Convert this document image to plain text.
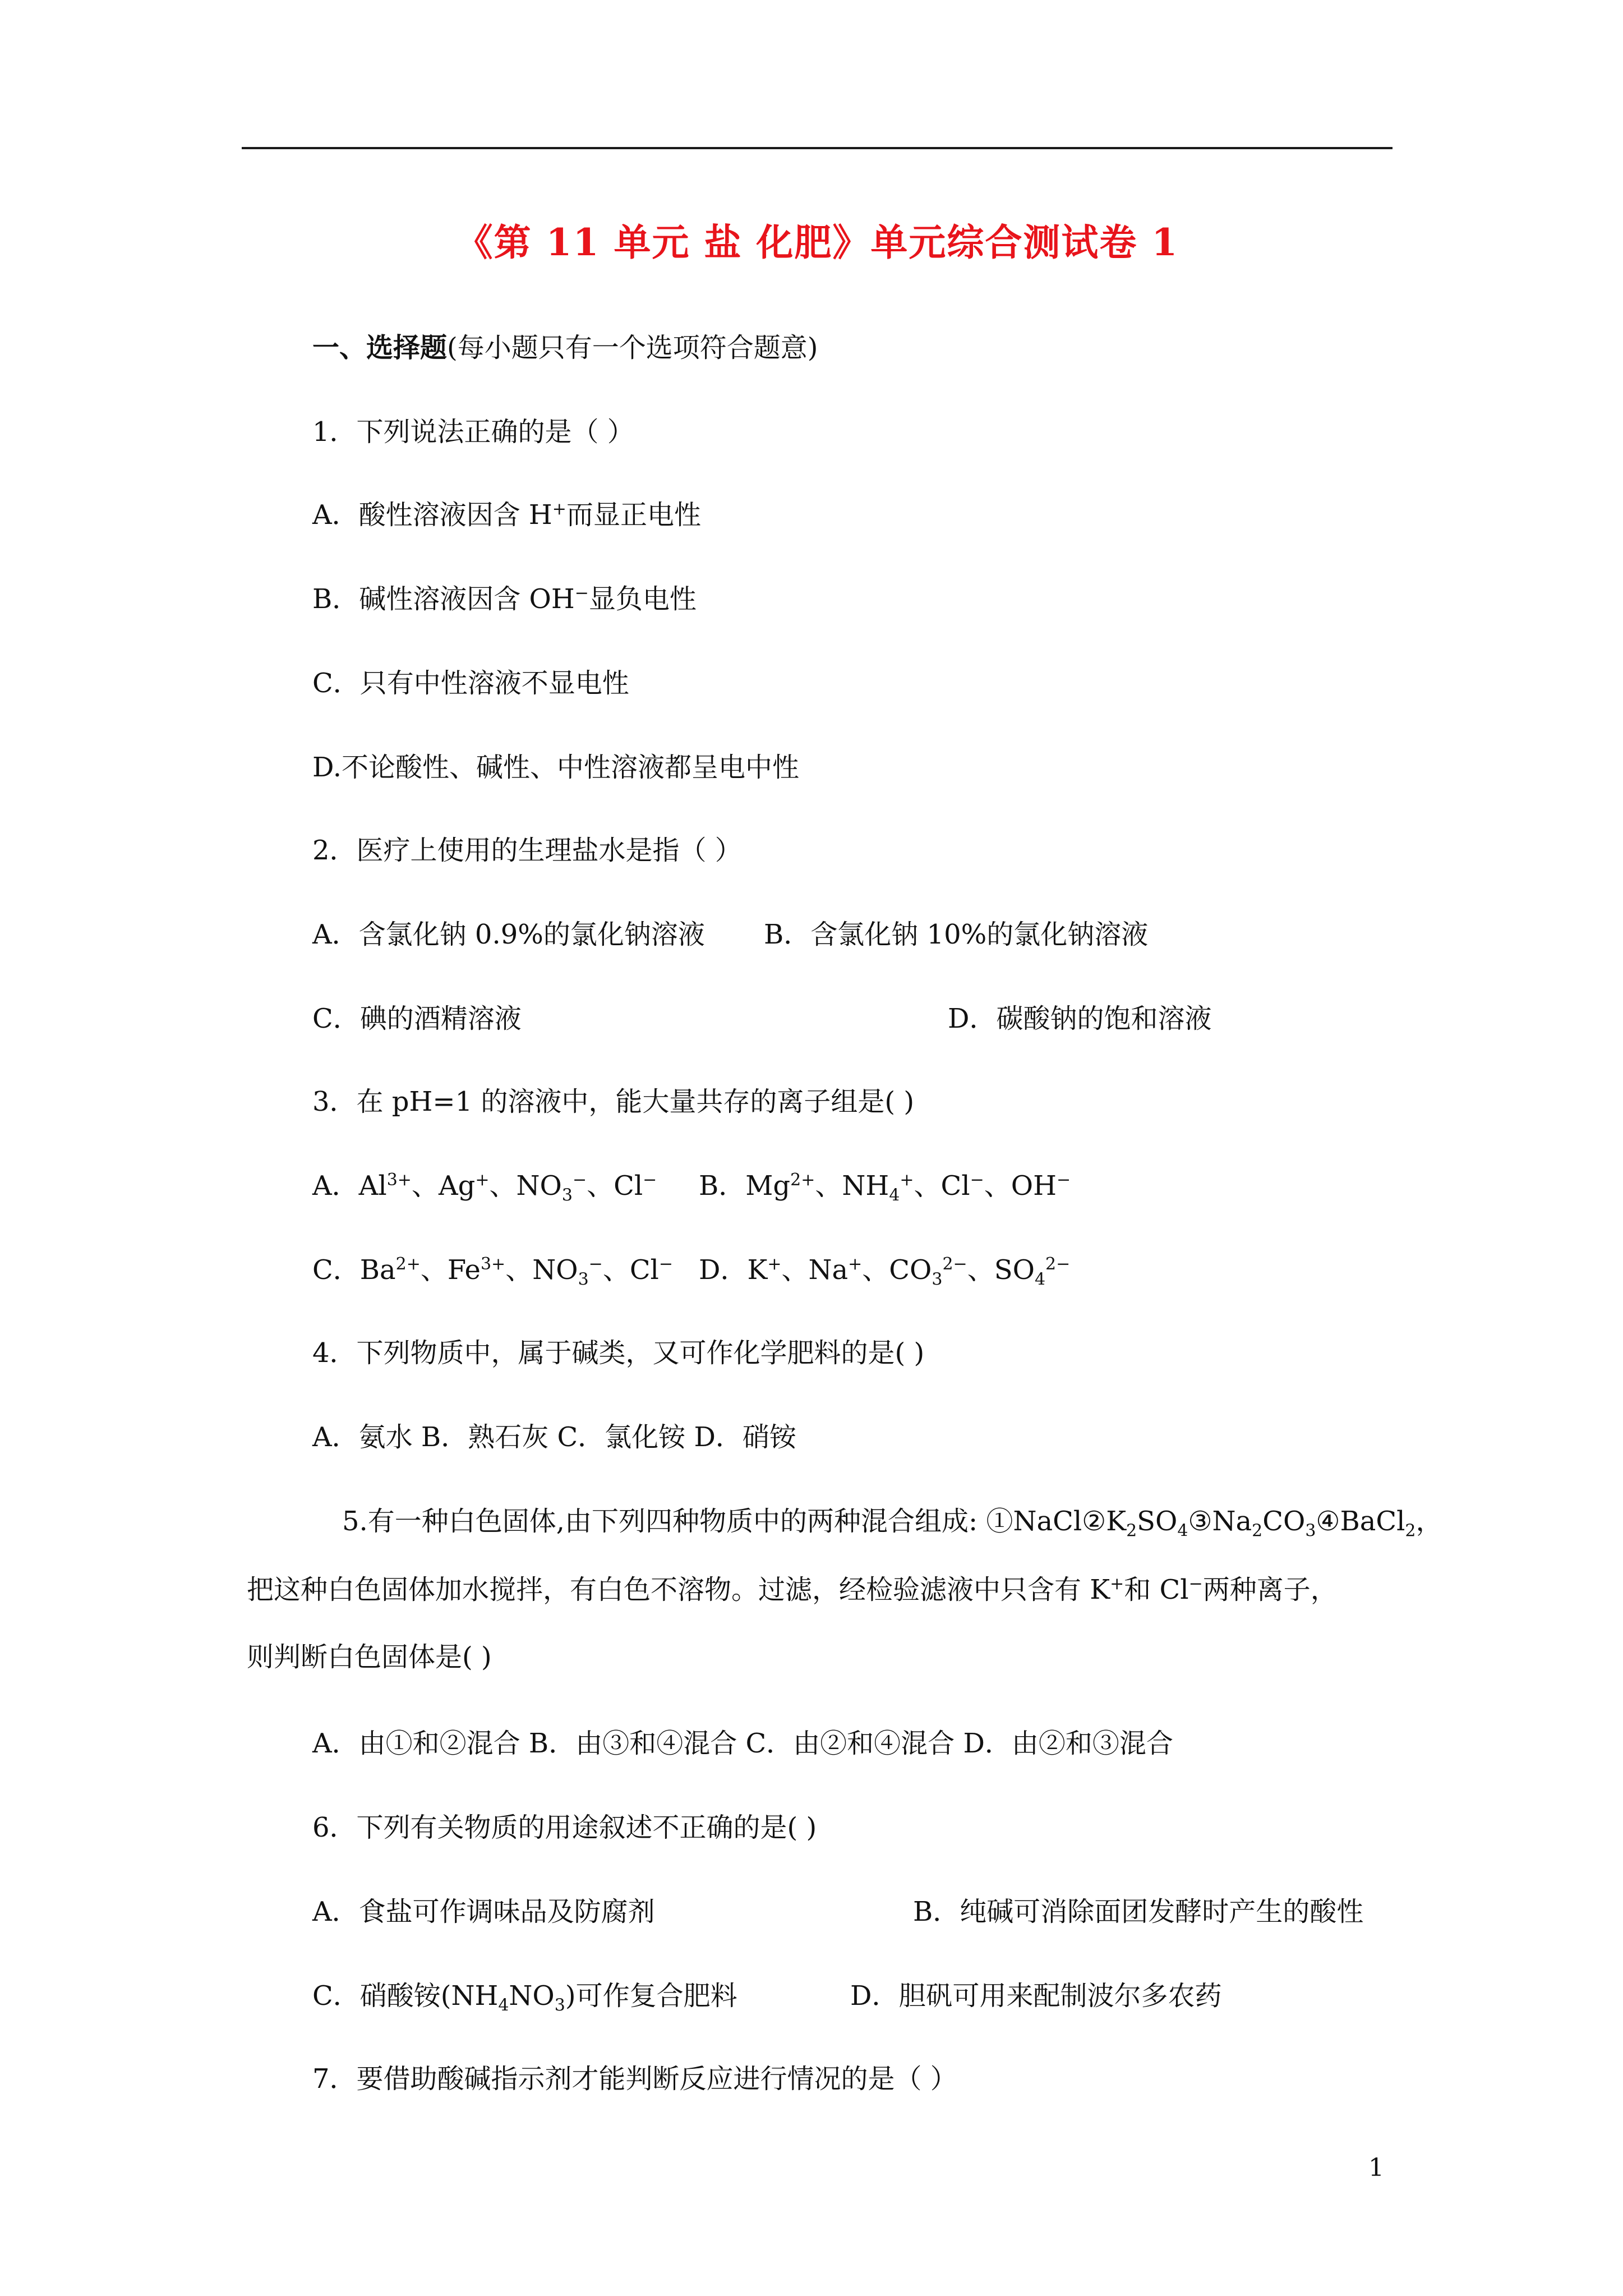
《第 11 单元 盐 化肥》单元综合测试卷 1
一、选择题(每小题只有一个选项符合题意)
1．下列说法正确的是（ ）
A．酸性溶液因含 H+而显正电性
B．碱性溶液因含 OH−显负电性
C．只有中性溶液不显电性
D.不论酸性、碱性、中性溶液都呈电中性
2．医疗上使用的生理盐水是指（ ）
A．含氯化钠 0.9%的氯化钠溶液 B．含氯化钠 10%的氯化钠溶液
C．碘的酒精溶液	D．碳酸钠的饱和溶液
3．在 pH=1 的溶液中，能大量共存的离子组是( )
A．$Al^{3+}$、Ag+、$NO_3^-$、Cl− B．$Mg^{2+}$、$NH_4^+$、Cl−、OH−
C．$Ba^{2+}$、$Fe^{3+}$、$NO_3^-$、Cl− D．K+、Na+、$CO_3^{2-}$、$SO_4^{2-}$
4．下列物质中，属于碱类，又可作化学肥料的是( )
A．氨水 B．熟石灰 C．氯化铵 D．硝铵
5.有一种白色固体,由下列四种物质中的两种混合组成: $①NaCl②K_2SO_4③Na_2CO_3④BaCl_2$，
把这种白色固体加水搅拌，有白色不溶物。过滤，经检验滤液中只含有 K+和 Cl−两种离子，
则判断白色固体是( )
A．由①和②混合 B．由③和④混合 C．由②和④混合 D．由②和③混合
6．下列有关物质的用途叙述不正确的是( )
A．食盐可作调味品及防腐剂	B．纯碱可消除面团发酵时产生的酸性
C．硝酸铵$(NH_4NO_3)$可作复合肥料	D．胆矾可用来配制波尔多农药
7．要借助酸碱指示剂才能判断反应进行情况的是（ ）
1
